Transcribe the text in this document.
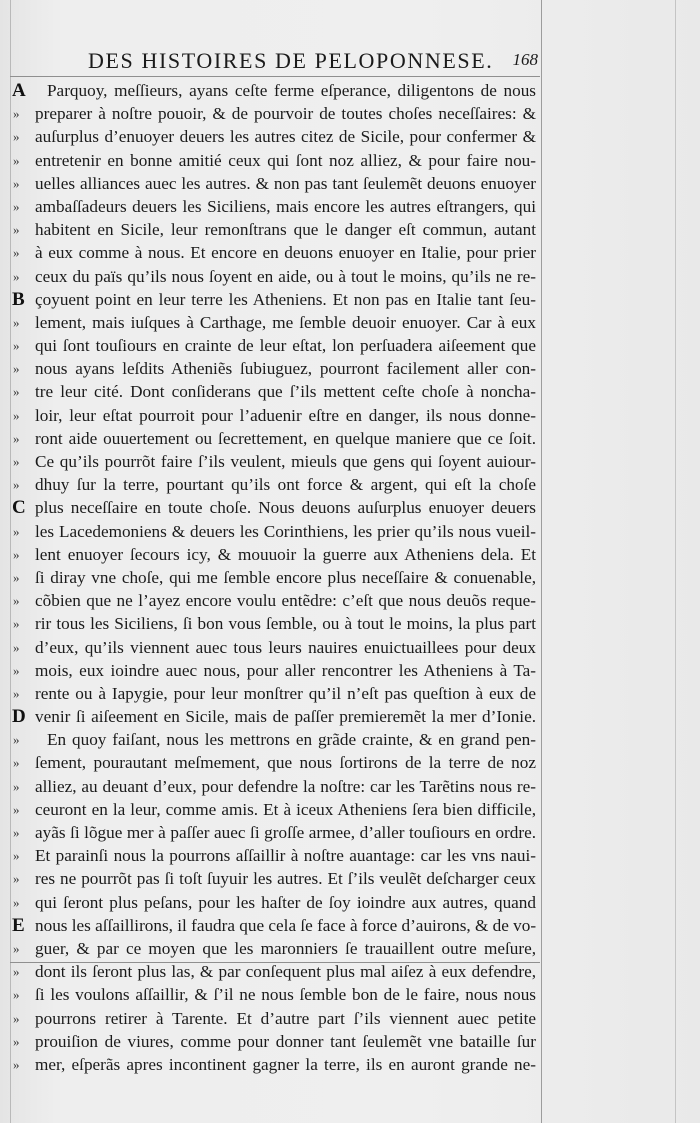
DES HISTOIRES DE PELOPONNESE. 168
A	Parquoy, meſſieurs, ayans ceſte ferme eſperance, diligentons de nous
» preparer à noſtre pouoir, & de pourvoir de toutes choſes neceſſaires: &
» auſurplus d’enuoyer deuers les autres citez de Sicile, pour confermer &
» entretenir en bonne amitié ceux qui ſont noz alliez, & pour faire nou-
» uelles alliances auec les autres. & non pas tant ſeulemẽt deuons enuoyer
» ambaſſadeurs deuers les Siciliens, mais encore les autres eſtrangers, qui
» habitent en Sicile, leur remonſtrans que le danger eſt commun, autant
» à eux comme à nous. Et encore en deuons enuoyer en Italie, pour prier
» ceux du païs qu’ils nous ſoyent en aide, ou à tout le moins, qu’ils ne re-
B çoyuent point en leur terre les Atheniens. Et non pas en Italie tant ſeu-
» lement, mais iuſques à Carthage, me ſemble deuoir enuoyer. Car à eux
» qui ſont touſiours en crainte de leur eſtat, lon perſuadera aiſeement que
» nous ayans leſdits Atheniẽs ſubiuguez, pourront facilement aller con-
» tre leur cité. Dont conſiderans que ſ’ils mettent ceſte choſe à noncha-
» loir, leur eſtat pourroit pour l’aduenir eſtre en danger, ils nous donne-
» ront aide ouuertement ou ſecrettement, en quelque maniere que ce ſoit.
» Ce qu’ils pourrõt faire ſ’ils veulent, mieuls que gens qui ſoyent auiour-
» dhuy ſur la terre, pourtant qu’ils ont force & argent, qui eſt la choſe
C plus neceſſaire en toute choſe. Nous deuons auſurplus enuoyer deuers
» les Lacedemoniens & deuers les Corinthiens, les prier qu’ils nous vueil-
» lent enuoyer ſecours icy, & mouuoir la guerre aux Atheniens dela. Et
» ſi diray vne choſe, qui me ſemble encore plus neceſſaire & conuenable,
» cõbien que ne l’ayez encore voulu entẽdre: c’eſt que nous deuõs reque-
» rir tous les Siciliens, ſi bon vous ſemble, ou à tout le moins, la plus part
» d’eux, qu’ils viennent auec tous leurs nauires enuictuaillees pour deux
» mois, eux ioindre auec nous, pour aller rencontrer les Atheniens à Ta-
» rente ou à Iapygie, pour leur monſtrer qu’il n’eſt pas queſtion à eux de
D venir ſi aiſeement en Sicile, mais de paſſer premieremẽt la mer d’Ionie.
»	En quoy faiſant, nous les mettrons en grãde crainte, & en grand pen-
» ſement, pourautant meſmement, que nous ſortirons de la terre de noz
» alliez, au deuant d’eux, pour defendre la noſtre: car les Tarẽtins nous re-
» ceuront en la leur, comme amis. Et à iceux Atheniens ſera bien difficile,
» ayãs ſi lõgue mer à paſſer auec ſi groſſe armee, d’aller touſiours en ordre.
» Et parainſi nous la pourrons aſſaillir à noſtre auantage: car les vns naui-
» res ne pourrõt pas ſi toſt ſuyuir les autres. Et ſ’ils veulẽt deſcharger ceux
» qui ſeront plus peſans, pour les haſter de ſoy ioindre aux autres, quand
E nous les aſſaillirons, il faudra que cela ſe face à force d’auirons, & de vo-
» guer, & par ce moyen que les maronniers ſe trauaillent outre meſure,
» dont ils ſeront plus las, & par conſequent plus mal aiſez à eux defendre,
» ſi les voulons aſſaillir, & ſ’il ne nous ſemble bon de le faire, nous nous
» pourrons retirer à Tarente. Et d’autre part ſ’ils viennent auec petite
» prouiſion de viures, comme pour donner tant ſeulemẽt vne bataille ſur
» mer, eſperãs apres incontinent gagner la terre, ils en auront grande ne-
